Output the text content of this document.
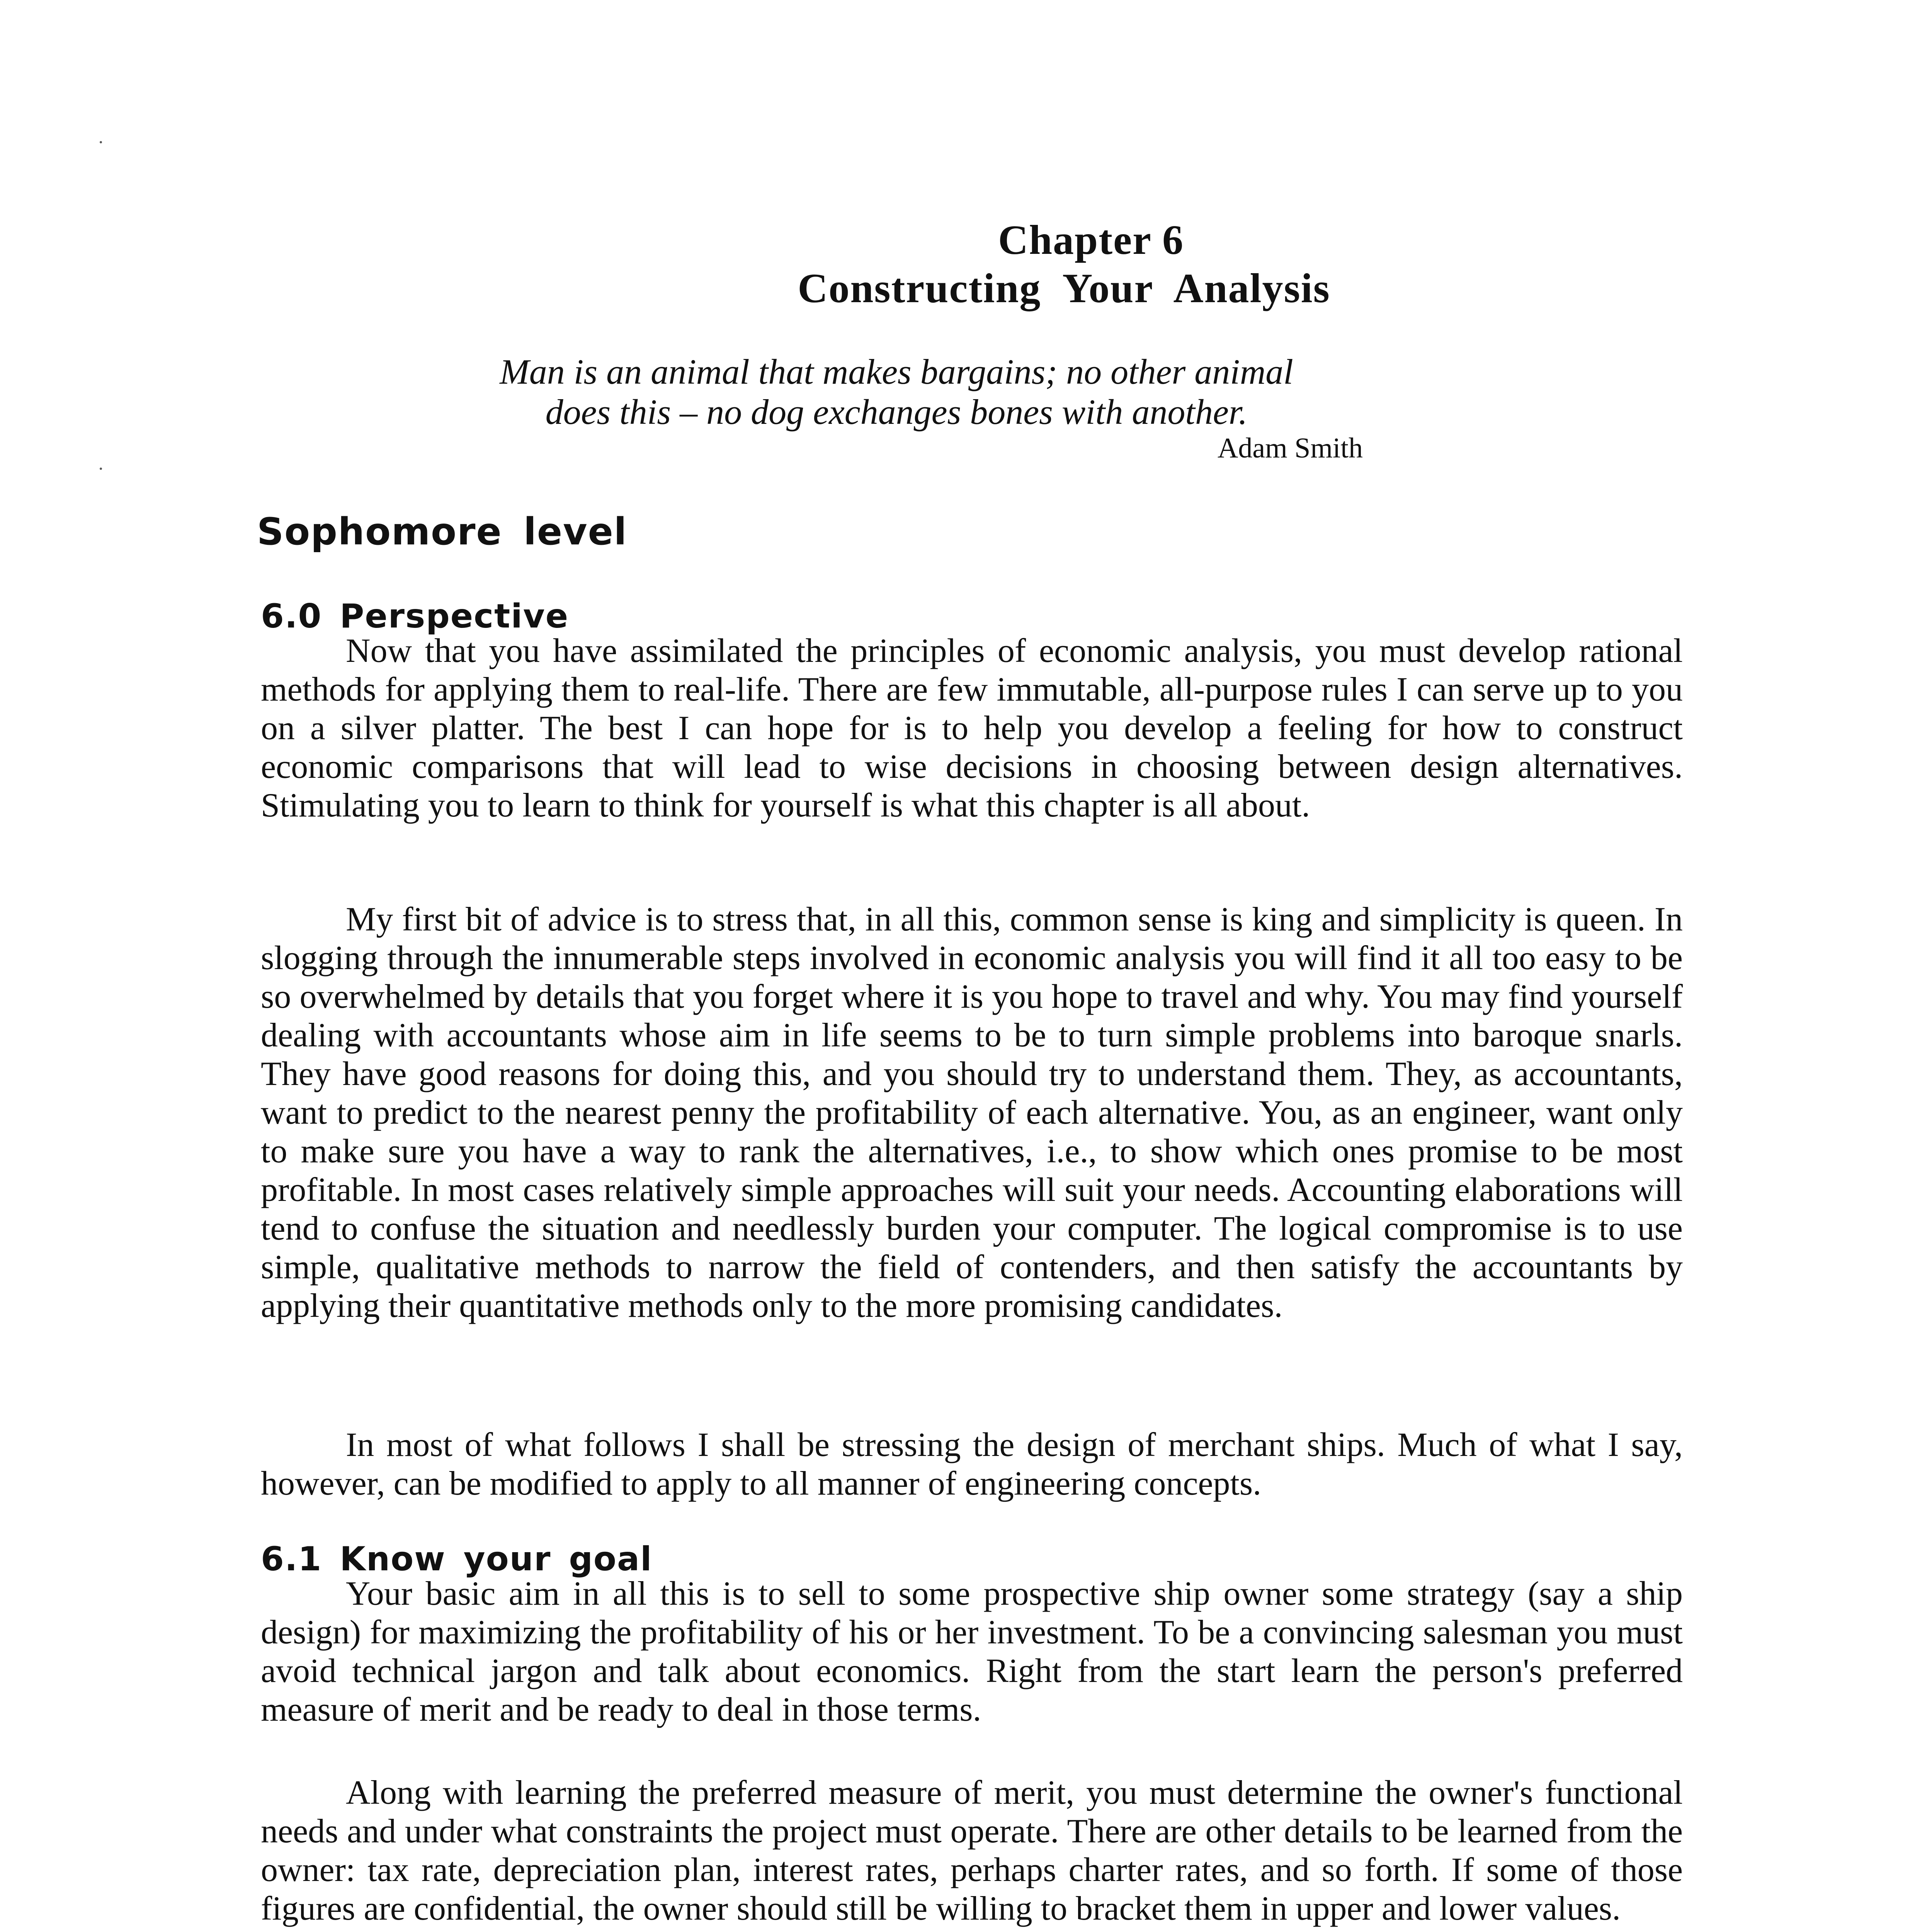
Chapter 6
Constructing Your Analysis
Man is an animal that makes bargains; no other animal
does this – no dog exchanges bones with another.
Adam Smith
Sophomore level
6.0 Perspective

Now that you have assimilated the principles of economic analysis, you must develop rational methods for applying them to real-life. There are few immutable, all-purpose rules I can serve up to you on a silver platter. The best I can hope for is to help you develop a feeling for how to construct economic comparisons that will lead to wise decisions in choosing between design alternatives. Stimulating you to learn to think for yourself is what this chapter is all about.

My first bit of advice is to stress that, in all this, common sense is king and simplicity is queen. In slogging through the innumerable steps involved in economic analysis you will find it all too easy to be so overwhelmed by details that you forget where it is you hope to travel and why. You may find yourself dealing with accountants whose aim in life seems to be to turn simple problems into baroque snarls. They have good reasons for doing this, and you should try to understand them. They, as accountants, want to predict to the nearest penny the profitability of each alternative. You, as an engineer, want only to make sure you have a way to rank the alternatives, i.e., to show which ones promise to be most profitable. In most cases relatively simple approaches will suit your needs. Accounting elaborations will tend to confuse the situation and needlessly burden your computer. The logical compromise is to use simple, qualitative methods to narrow the field of contenders, and then satisfy the accountants by applying their quantitative methods only to the more promising candidates.

In most of what follows I shall be stressing the design of merchant ships. Much of what I say, however, can be modified to apply to all manner of engineering concepts.

6.1 Know your goal

Your basic aim in all this is to sell to some prospective ship owner some strategy (say a ship design) for maximizing the profitability of his or her investment. To be a convincing salesman you must avoid technical jargon and talk about economics. Right from the start learn the person's preferred measure of merit and be ready to deal in those terms.

Along with learning the preferred measure of merit, you must determine the owner's functional needs and under what constraints the project must operate. There are other details to be learned from the owner: tax rate, depreciation plan, interest rates, perhaps charter rates, and so forth. If some of those figures are confidential, the owner should still be willing to bracket them in upper and lower values.
